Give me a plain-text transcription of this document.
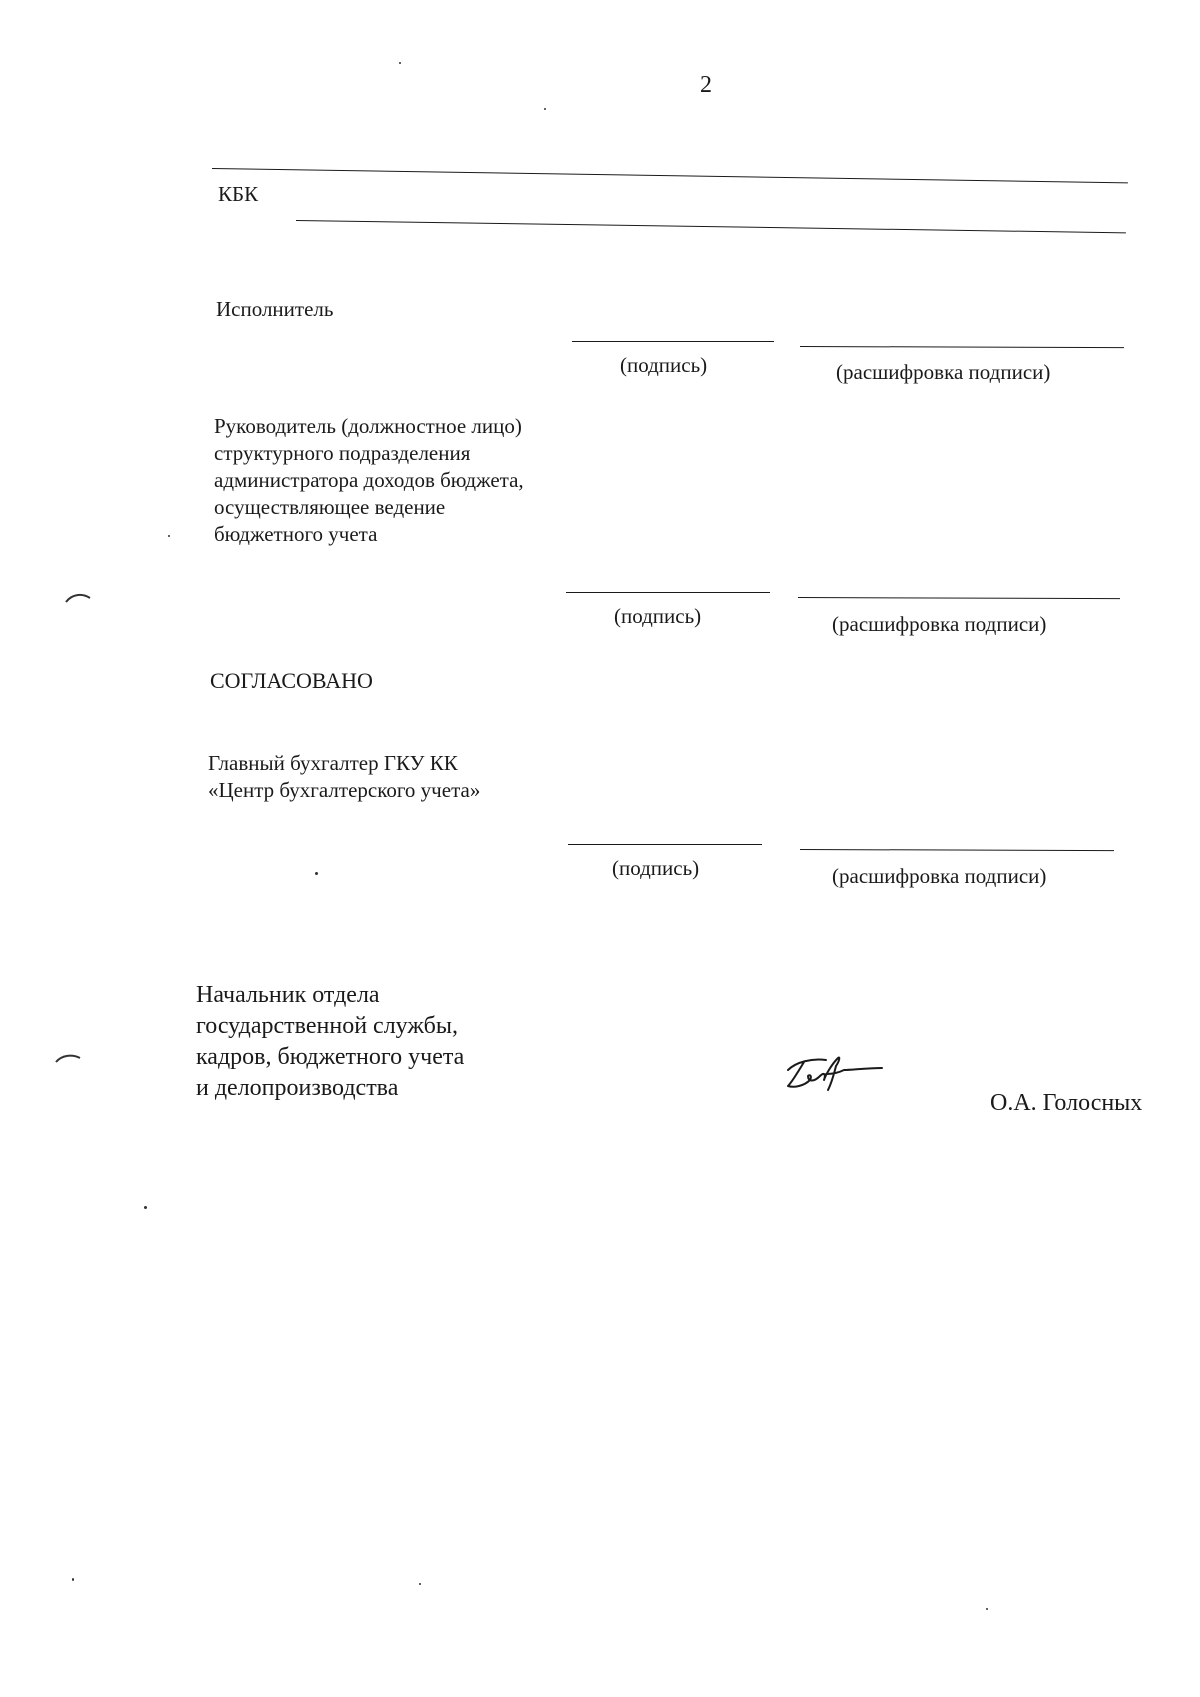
2
КБК
Исполнитель
(подпись)	(расшифровка подписи)
Руководитель (должностное лицо)
структурного подразделения
администратора доходов бюджета,
осуществляющее ведение
бюджетного учета
(подпись)	(расшифровка подписи)
СОГЛАСОВАНО
Главный бухгалтер ГКУ КК
«Центр бухгалтерского учета»
(подпись)	(расшифровка подписи)
Начальник отдела
государственной службы,
кадров, бюджетного учета
и делопроизводства
О.А. Голосных
